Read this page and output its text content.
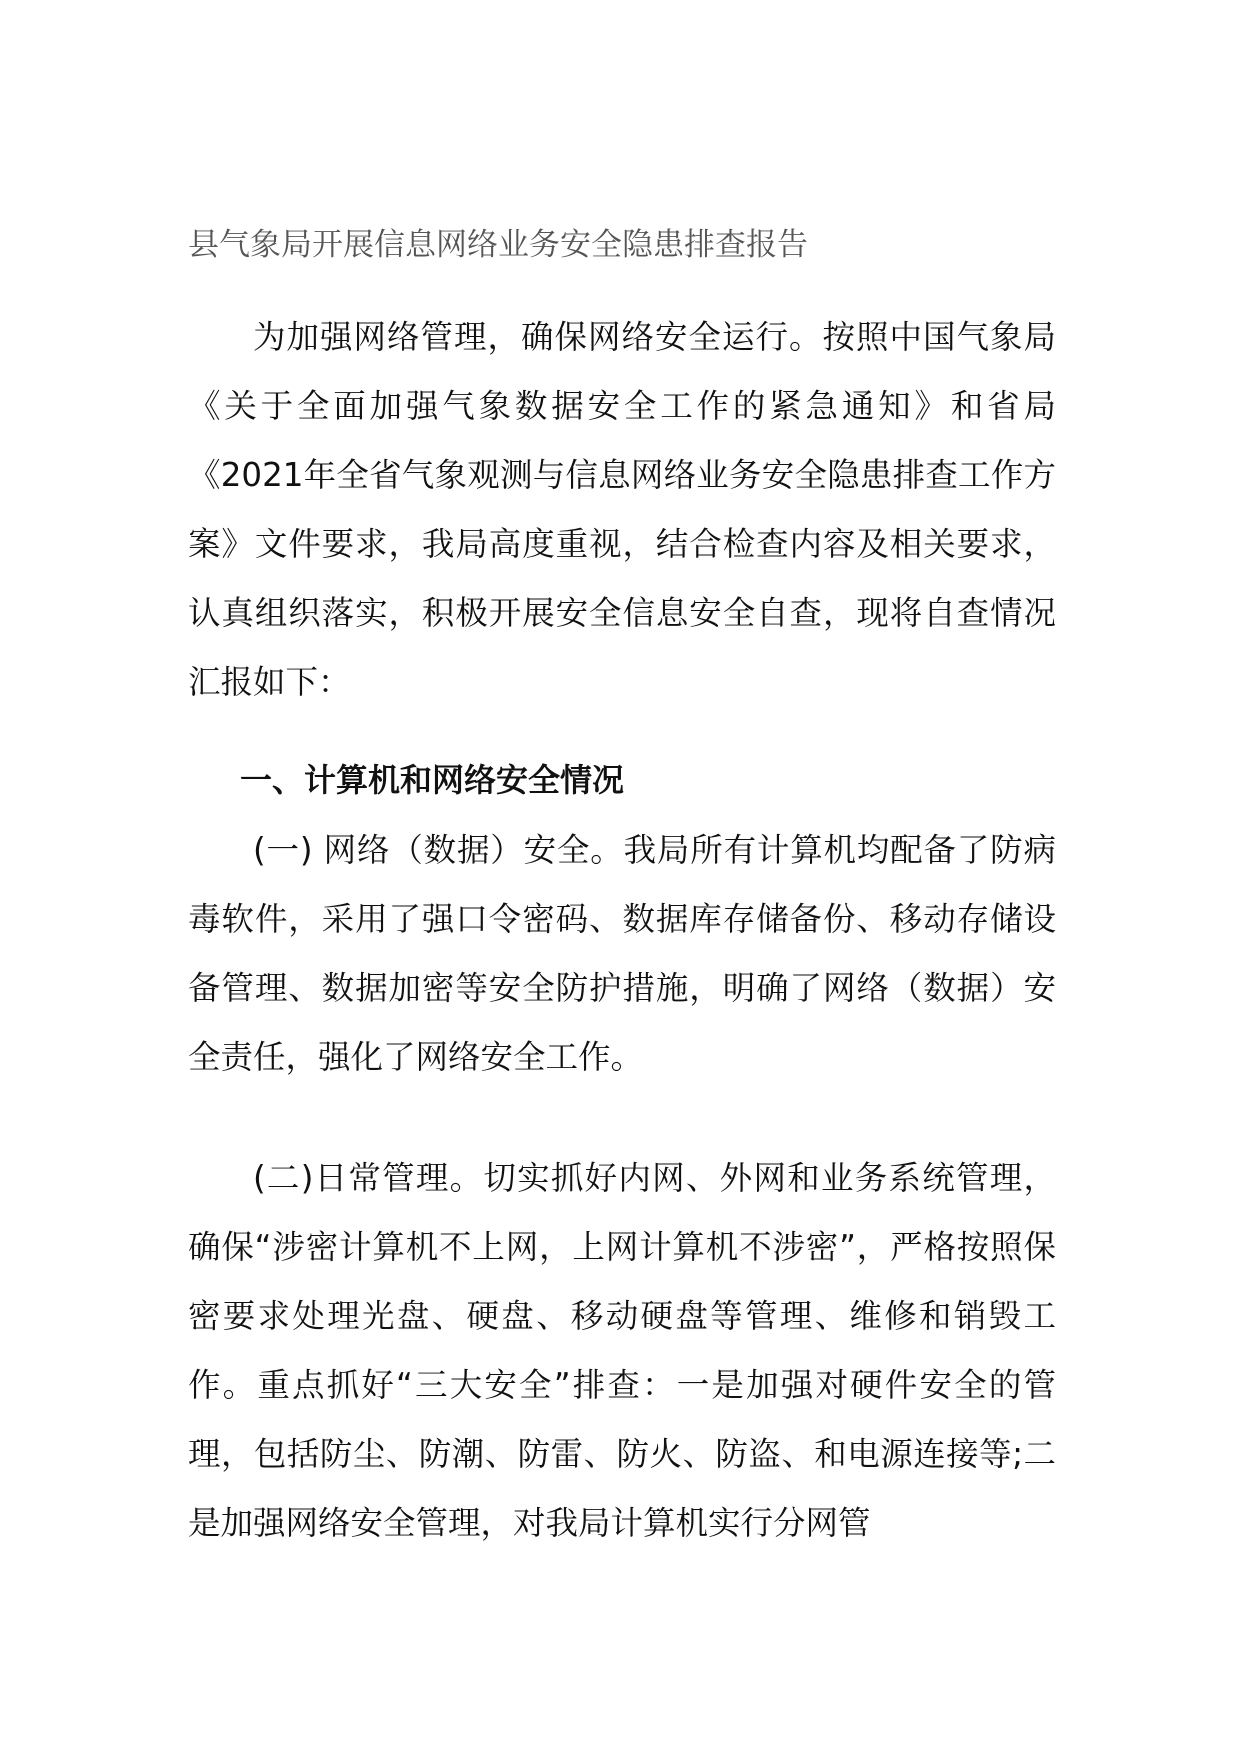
县气象局开展信息网络业务安全隐患排查报告

为加强网络管理，确保网络安全运行。按照中国气象局《关于全面加强气象数据安全工作的紧急通知》和省局《2021年全省气象观测与信息网络业务安全隐患排查工作方案》文件要求，我局高度重视，结合检查内容及相关要求，认真组织落实，积极开展安全信息安全自查，现将自查情况汇报如下：

一、计算机和网络安全情况

(一) 网络（数据）安全。我局所有计算机均配备了防病毒软件，采用了强口令密码、数据库存储备份、移动存储设备管理、数据加密等安全防护措施，明确了网络（数据）安全责任，强化了网络安全工作。

(二)日常管理。切实抓好内网、外网和业务系统管理，确保“涉密计算机不上网，上网计算机不涉密”，严格按照保密要求处理光盘、硬盘、移动硬盘等管理、维修和销毁工作。重点抓好“三大安全”排查：一是加强对硬件安全的管理，包括防尘、防潮、防雷、防火、防盗、和电源连接等;二是加强网络安全管理，对我局计算机实行分网管
